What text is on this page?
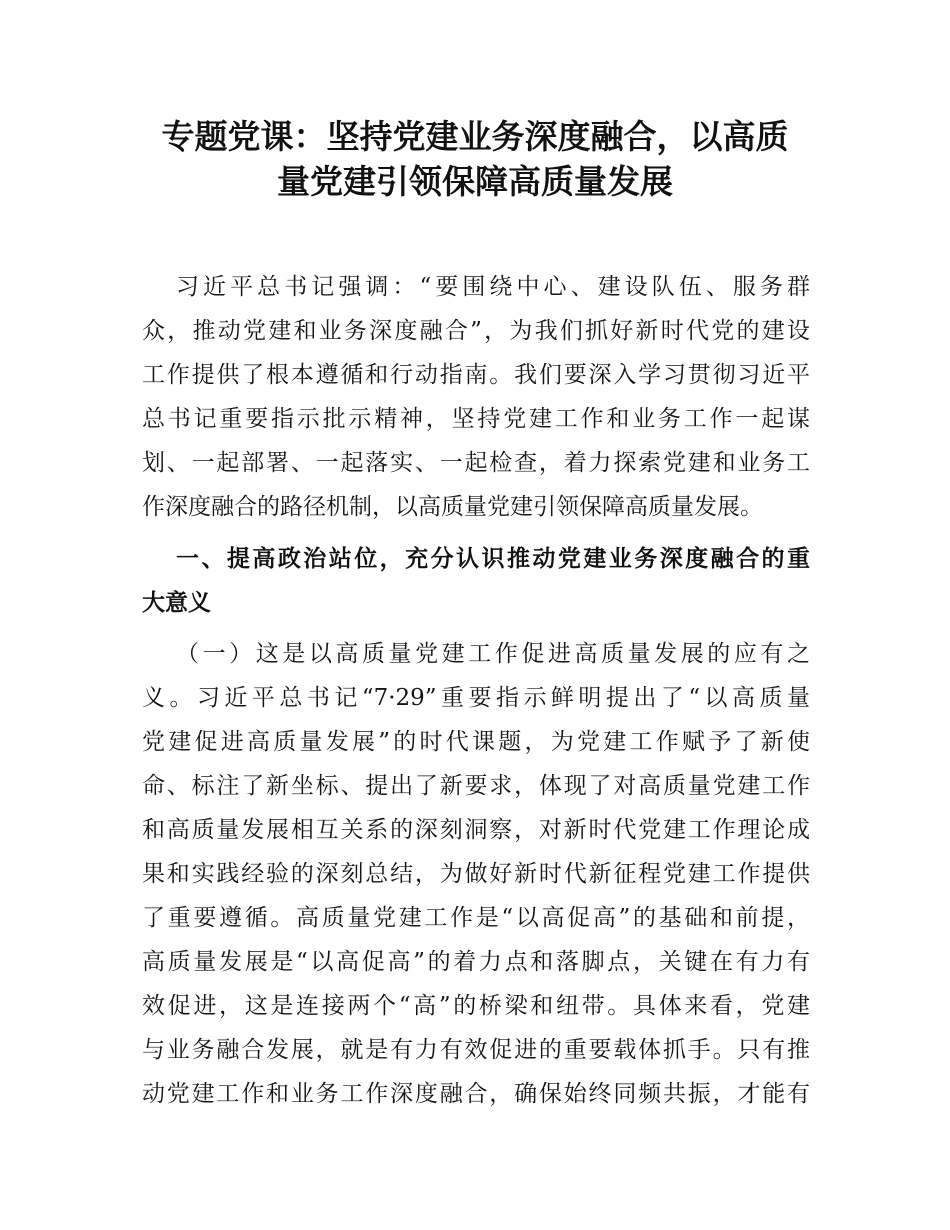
专题党课：坚持党建业务深度融合，以高质
量党建引领保障高质量发展

习近平总书记强调：“要围绕中心、建设队伍、服务群

众，推动党建和业务深度融合”，为我们抓好新时代党的建设

工作提供了根本遵循和行动指南。我们要深入学习贯彻习近平

总书记重要指示批示精神，坚持党建工作和业务工作一起谋

划、一起部署、一起落实、一起检查，着力探索党建和业务工

作深度融合的路径机制，以高质量党建引领保障高质量发展。

一、提高政治站位，充分认识推动党建业务深度融合的重

大意义

（一）这是以高质量党建工作促进高质量发展的应有之

义。习近平总书记“7·29”重要指示鲜明提出了“以高质量

党建促进高质量发展”的时代课题，为党建工作赋予了新使

命、标注了新坐标、提出了新要求，体现了对高质量党建工作

和高质量发展相互关系的深刻洞察，对新时代党建工作理论成

果和实践经验的深刻总结，为做好新时代新征程党建工作提供

了重要遵循。高质量党建工作是“以高促高”的基础和前提，

高质量发展是“以高促高”的着力点和落脚点，关键在有力有

效促进，这是连接两个“高”的桥梁和纽带。具体来看，党建

与业务融合发展，就是有力有效促进的重要载体抓手。只有推

动党建工作和业务工作深度融合，确保始终同频共振，才能有
